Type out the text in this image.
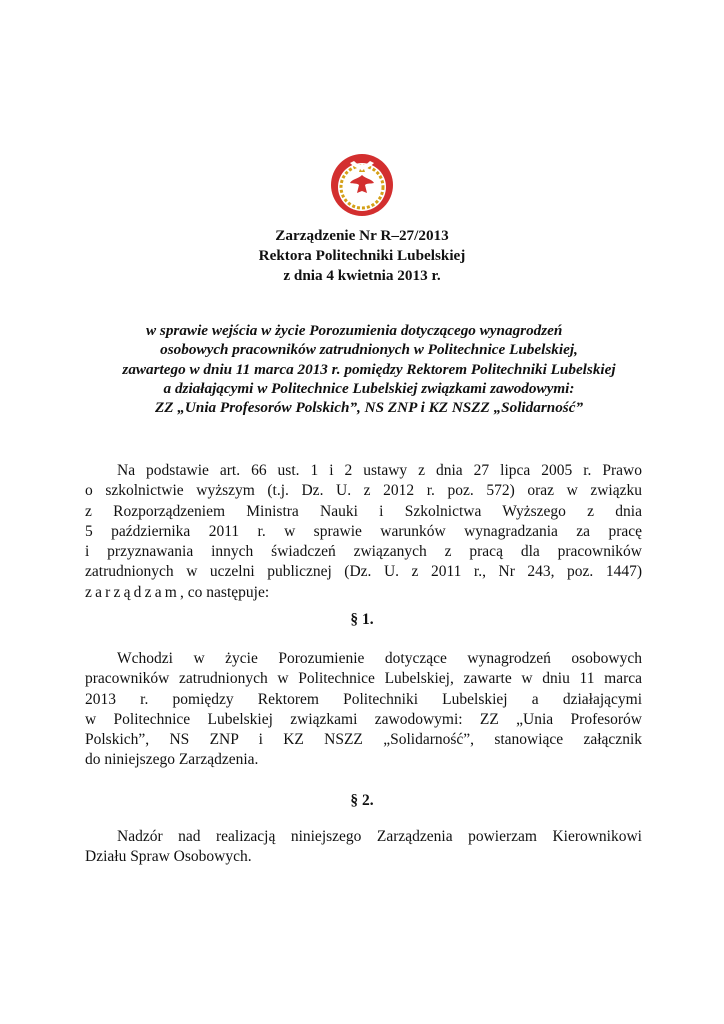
Zarządzenie Nr R–27/2013
Rektora Politechniki Lubelskiej
z dnia 4 kwietnia 2013 r.
w sprawie wejścia w życie Porozumienia dotyczącego wynagrodzeń
osobowych pracowników zatrudnionych w Politechnice Lubelskiej,
zawartego w dniu 11 marca 2013 r. pomiędzy Rektorem Politechniki Lubelskiej
a działającymi w Politechnice Lubelskiej związkami zawodowymi:
ZZ „Unia Profesorów Polskich”, NS ZNP i KZ NSZZ „Solidarność”
Na podstawie art. 66 ust. 1 i 2 ustawy z dnia 27 lipca 2005 r. Prawo
o szkolnictwie wyższym (t.j. Dz. U. z 2012 r. poz. 572) oraz w związku
z Rozporządzeniem Ministra Nauki i Szkolnictwa Wyższego z dnia
5 października 2011 r. w sprawie warunków wynagradzania za pracę
i przyznawania innych świadczeń związanych z pracą dla pracowników
zatrudnionych w uczelni publicznej (Dz. U. z 2011 r., Nr 243, poz. 1447)
zarządzam, co następuje:
§ 1.
Wchodzi w życie Porozumienie dotyczące wynagrodzeń osobowych
pracowników zatrudnionych w Politechnice Lubelskiej, zawarte w dniu 11 marca
2013 r. pomiędzy Rektorem Politechniki Lubelskiej a działającymi
w Politechnice Lubelskiej związkami zawodowymi: ZZ „Unia Profesorów
Polskich”, NS ZNP i KZ NSZZ „Solidarność”, stanowiące załącznik
do niniejszego Zarządzenia.
§ 2.
Nadzór nad realizacją niniejszego Zarządzenia powierzam Kierownikowi
Działu Spraw Osobowych.
